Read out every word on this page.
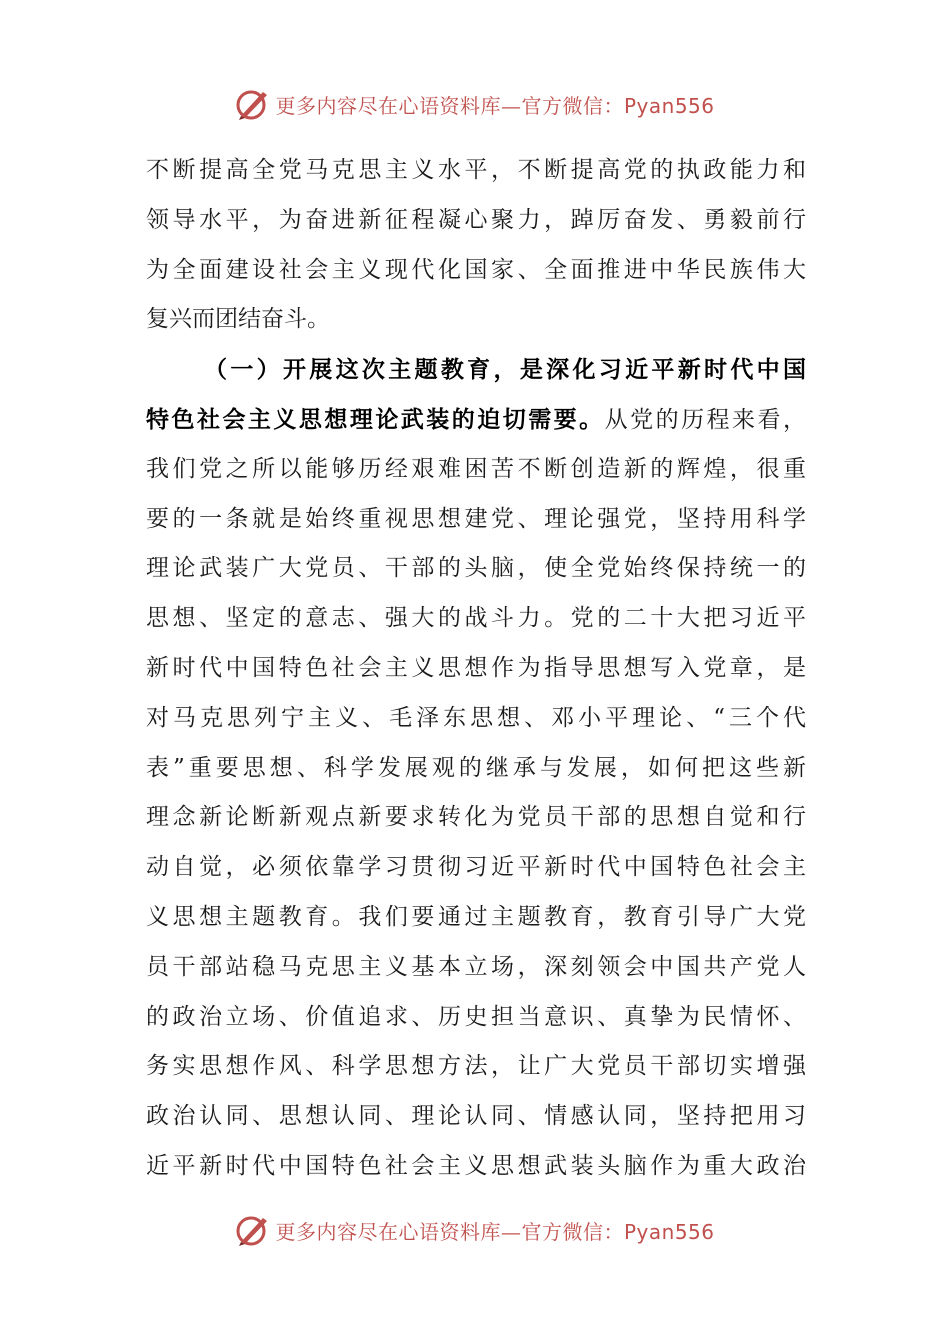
更多内容尽在心语资料库—官方微信：Pyan556
不断提高全党马克思主义水平，不断提高党的执政能力和
领导水平，为奋进新征程凝心聚力，踔厉奋发、勇毅前行
为全面建设社会主义现代化国家、全面推进中华民族伟大
复兴而团结奋斗。
（一）开展这次主题教育，是深化习近平新时代中国
特色社会主义思想理论武装的迫切需要。从党的历程来看，
我们党之所以能够历经艰难困苦不断创造新的辉煌，很重
要的一条就是始终重视思想建党、理论强党，坚持用科学
理论武装广大党员、干部的头脑，使全党始终保持统一的
思想、坚定的意志、强大的战斗力。党的二十大把习近平
新时代中国特色社会主义思想作为指导思想写入党章，是
对马克思列宁主义、毛泽东思想、邓小平理论、“三个代
表”重要思想、科学发展观的继承与发展，如何把这些新
理念新论断新观点新要求转化为党员干部的思想自觉和行
动自觉，必须依靠学习贯彻习近平新时代中国特色社会主
义思想主题教育。我们要通过主题教育，教育引导广大党
员干部站稳马克思主义基本立场，深刻领会中国共产党人
的政治立场、价值追求、历史担当意识、真挚为民情怀、
务实思想作风、科学思想方法，让广大党员干部切实增强
政治认同、思想认同、理论认同、情感认同，坚持把用习
近平新时代中国特色社会主义思想武装头脑作为重大政治
更多内容尽在心语资料库—官方微信：Pyan556
